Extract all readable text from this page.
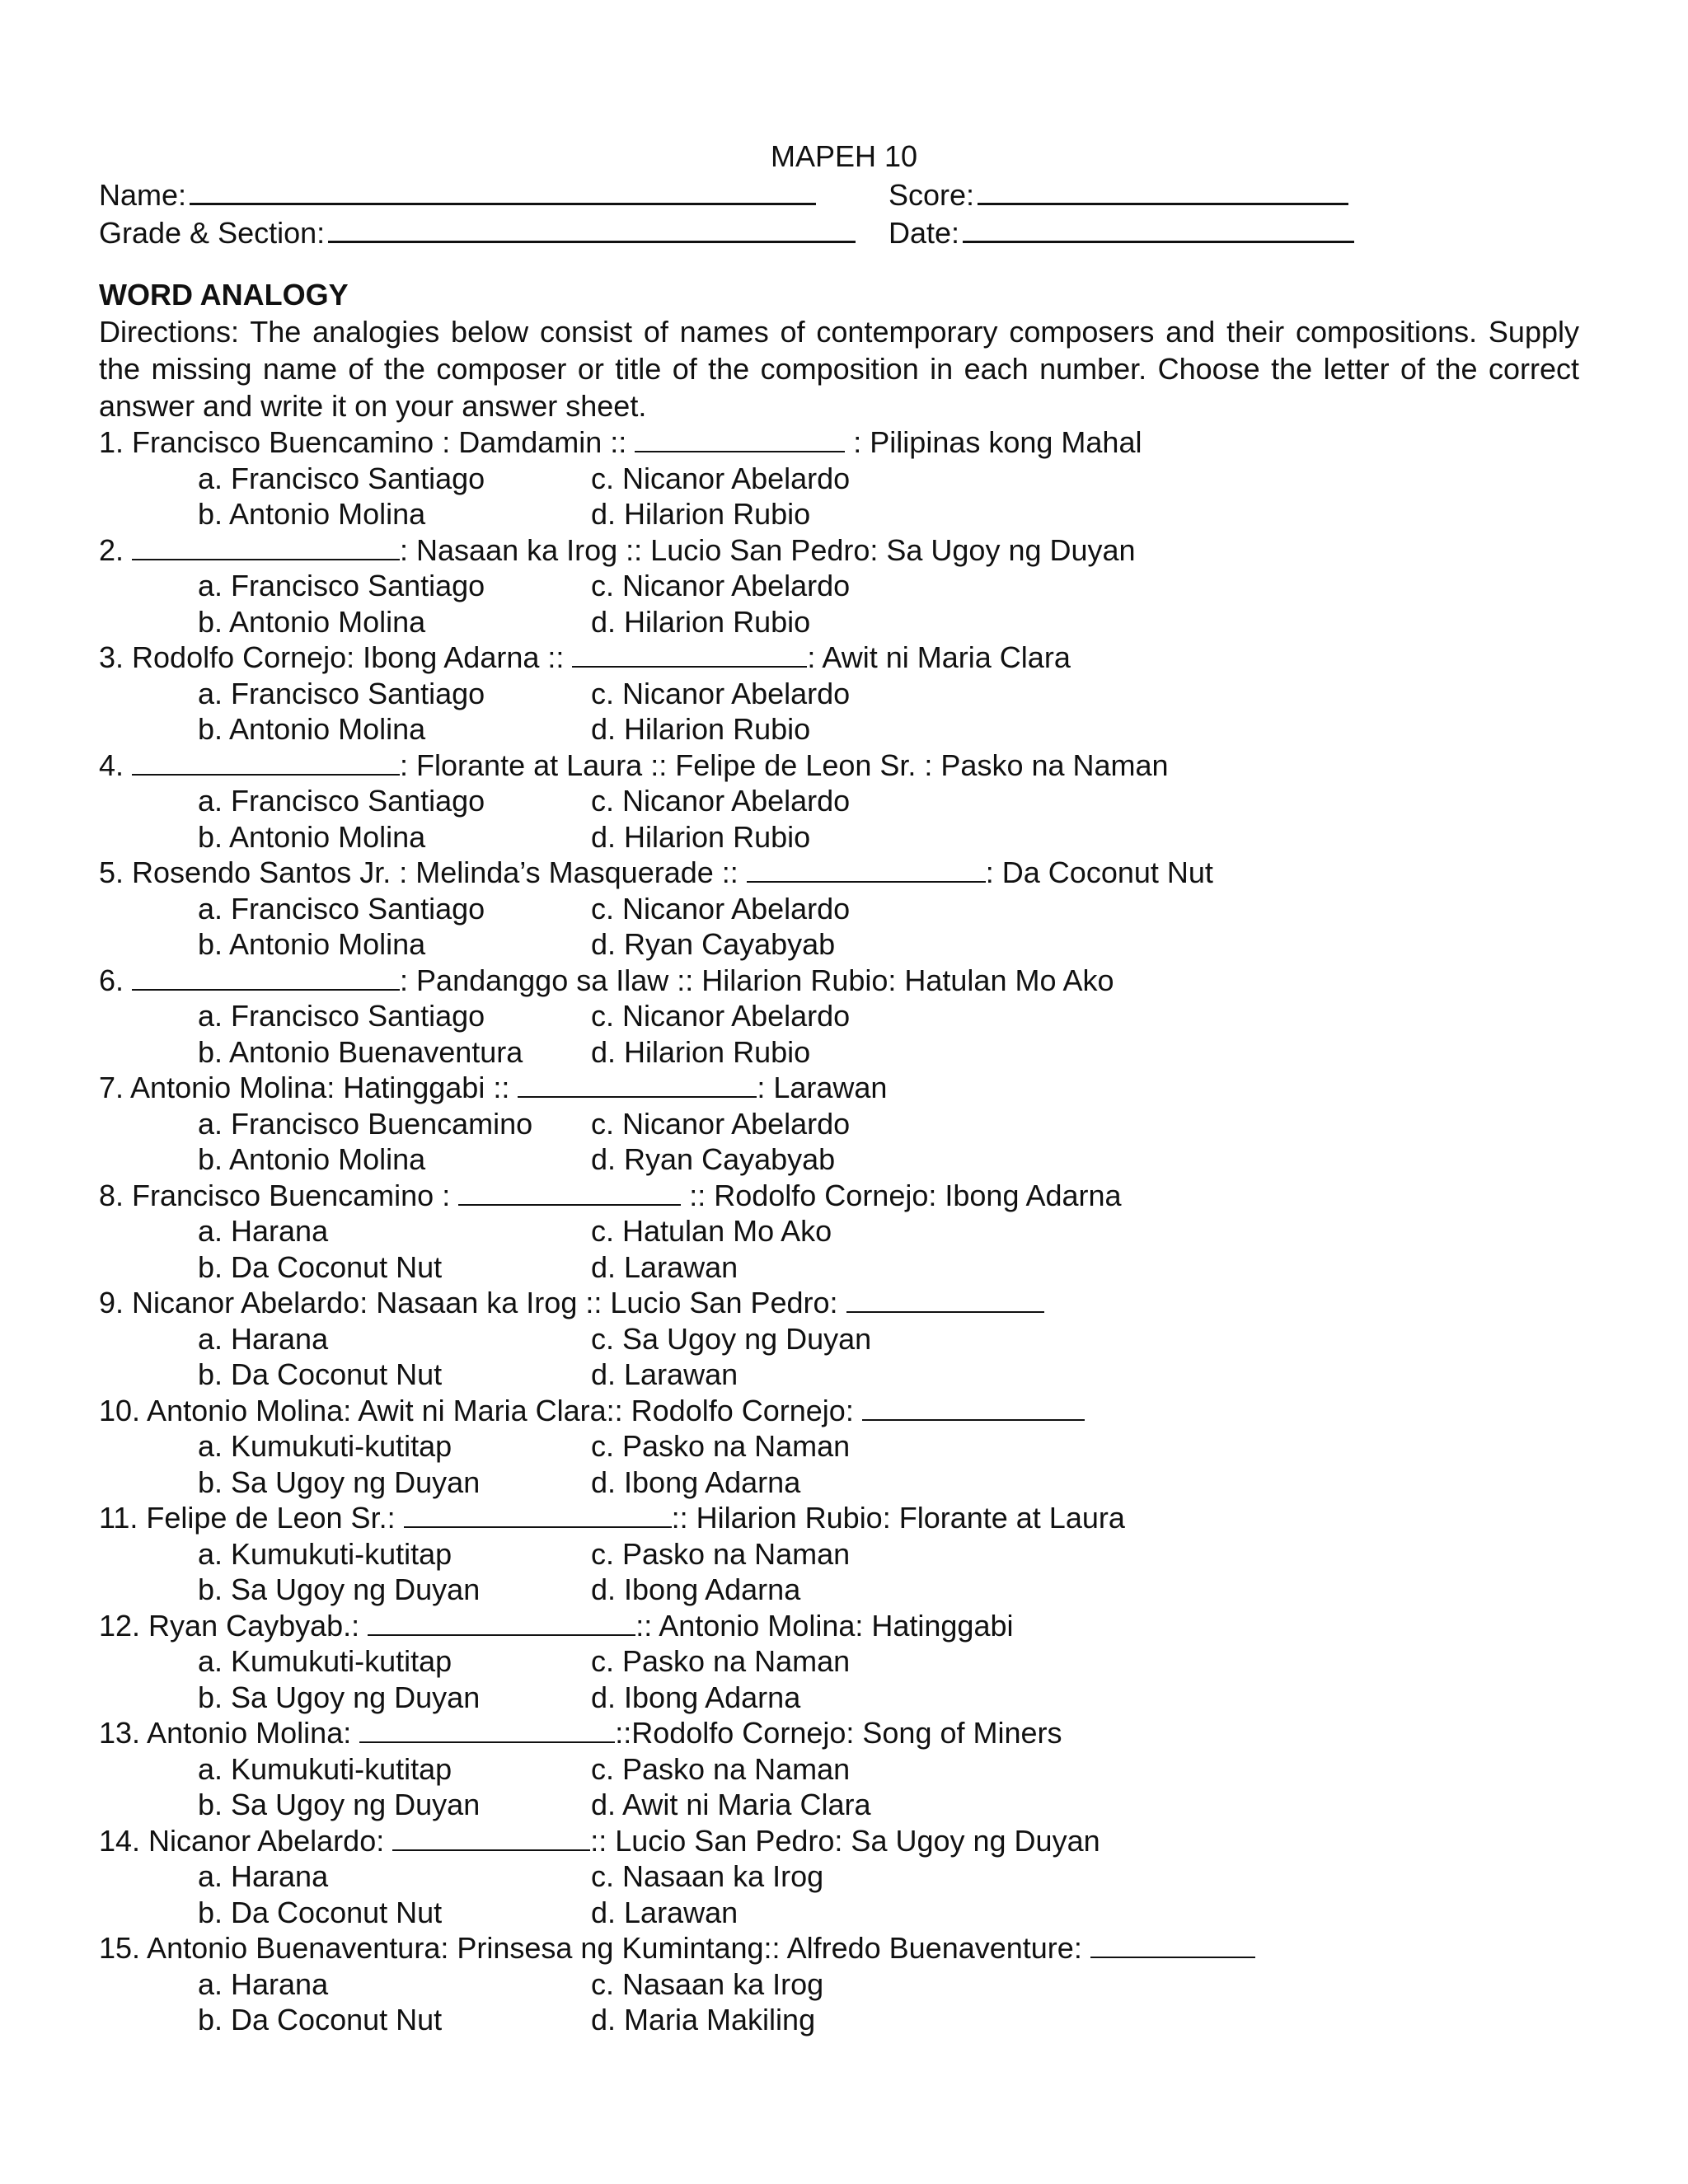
MAPEH 10
Name:	Score:
Grade & Section:	Date:
WORD ANALOGY

Directions: The analogies below consist of names of contemporary composers and their compositions. Supply the missing name of the composer or title of the composition in each number. Choose the letter of the correct answer and write it on your answer sheet.

1. Francisco Buencamino : Damdamin ::	: Pilipinas kong Mahal
a. Francisco Santiago	c. Nicanor Abelardo
b. Antonio Molina	d. Hilarion Rubio
2.	: Nasaan ka Irog :: Lucio San Pedro: Sa Ugoy ng Duyan
a. Francisco Santiago	c. Nicanor Abelardo
b. Antonio Molina	d. Hilarion Rubio
3. Rodolfo Cornejo: Ibong Adarna ::	: Awit ni Maria Clara
a. Francisco Santiago	c. Nicanor Abelardo
b. Antonio Molina	d. Hilarion Rubio
4.	: Florante at Laura :: Felipe de Leon Sr. : Pasko na Naman
a. Francisco Santiago	c. Nicanor Abelardo
b. Antonio Molina	d. Hilarion Rubio
5. Rosendo Santos Jr. : Melinda’s Masquerade ::	: Da Coconut Nut
a. Francisco Santiago	c. Nicanor Abelardo
b. Antonio Molina	d. Ryan Cayabyab
6.	: Pandanggo sa Ilaw :: Hilarion Rubio: Hatulan Mo Ako
a. Francisco Santiago	c. Nicanor Abelardo
b. Antonio Buenaventura d. Hilarion Rubio
7. Antonio Molina: Hatinggabi ::	: Larawan
a. Francisco Buencamino c. Nicanor Abelardo
b. Antonio Molina	d. Ryan Cayabyab
8. Francisco Buencamino :	:: Rodolfo Cornejo: Ibong Adarna
a. Harana	c. Hatulan Mo Ako
b. Da Coconut Nut	d. Larawan
9. Nicanor Abelardo: Nasaan ka Irog :: Lucio San Pedro:
a. Harana	c. Sa Ugoy ng Duyan
b. Da Coconut Nut	d. Larawan
10. Antonio Molina: Awit ni Maria Clara:: Rodolfo Cornejo:
a. Kumukuti-kutitap	c. Pasko na Naman
b. Sa Ugoy ng Duyan	d. Ibong Adarna
11. Felipe de Leon Sr.:	:: Hilarion Rubio: Florante at Laura
a. Kumukuti-kutitap	c. Pasko na Naman
b. Sa Ugoy ng Duyan	d. Ibong Adarna
12. Ryan Caybyab.:	:: Antonio Molina: Hatinggabi
a. Kumukuti-kutitap	c. Pasko na Naman
b. Sa Ugoy ng Duyan	d. Ibong Adarna
13. Antonio Molina:	::Rodolfo Cornejo: Song of Miners
a. Kumukuti-kutitap	c. Pasko na Naman
b. Sa Ugoy ng Duyan	d. Awit ni Maria Clara
14. Nicanor Abelardo:	:: Lucio San Pedro: Sa Ugoy ng Duyan
a. Harana	c. Nasaan ka Irog
b. Da Coconut Nut	d. Larawan
15. Antonio Buenaventura: Prinsesa ng Kumintang:: Alfredo Buenaventure:
a. Harana	c. Nasaan ka Irog
b. Da Coconut Nut	d. Maria Makiling
